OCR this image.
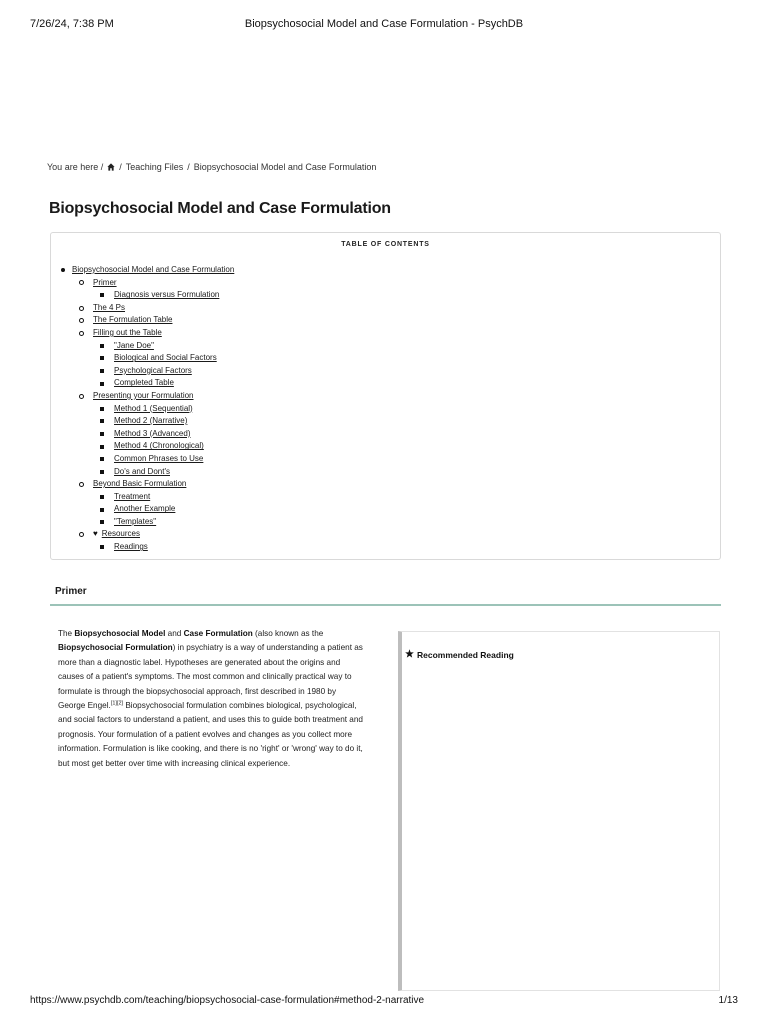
7/26/24, 7:38 PM	Biopsychosocial Model and Case Formulation - PsychDB
You are here / / Teaching Files / Biopsychosocial Model and Case Formulation
Biopsychosocial Model and Case Formulation
TABLE OF CONTENTS
Biopsychosocial Model and Case Formulation
Primer
Diagnosis versus Formulation
The 4 Ps
The Formulation Table
Filling out the Table
"Jane Doe"
Biological and Social Factors
Psychological Factors
Completed Table
Presenting your Formulation
Method 1 (Sequential)
Method 2 (Narrative)
Method 3 (Advanced)
Method 4 (Chronological)
Common Phrases to Use
Do's and Dont's
Beyond Basic Formulation
Treatment
Another Example
"Templates"
♥ Resources
Readings
Primer
The Biopsychosocial Model and Case Formulation (also known as the Biopsychosocial Formulation) in psychiatry is a way of understanding a patient as more than a diagnostic label. Hypotheses are generated about the origins and causes of a patient's symptoms. The most common and clinically practical way to formulate is through the biopsychosocial approach, first described in 1980 by George Engel.[1][2] Biopsychosocial formulation combines biological, psychological, and social factors to understand a patient, and uses this to guide both treatment and prognosis. Your formulation of a patient evolves and changes as you collect more information. Formulation is like cooking, and there is no 'right' or 'wrong' way to do it, but most get better over time with increasing clinical experience.
Recommended Reading
https://www.psychdb.com/teaching/biopsychosocial-case-formulation#method-2-narrative	1/13
